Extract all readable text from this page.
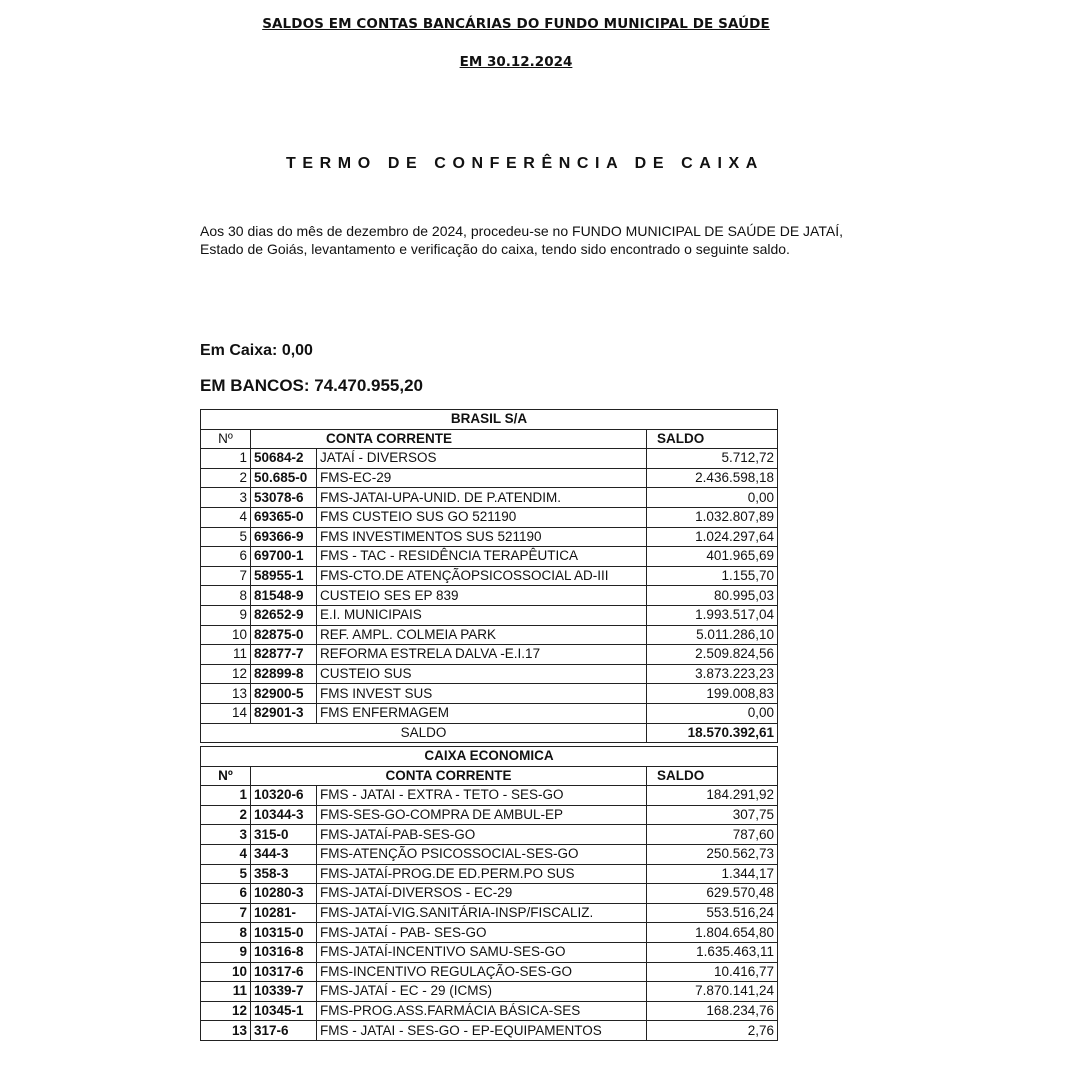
SALDOS EM CONTAS BANCÁRIAS DO FUNDO MUNICIPAL DE SAÚDE
EM 30.12.2024
TERMO DE CONFERÊNCIA DE CAIXA
Aos 30 dias do mês de dezembro de 2024, procedeu-se no FUNDO MUNICIPAL DE SAÚDE DE JATAÍ, Estado de Goiás, levantamento e verificação do caixa, tendo sido encontrado o seguinte saldo.
Em Caixa: 0,00
EM BANCOS: 74.470.955,20
BRASIL S/A			
Nº	CONTA CORRENTE		SALDO
1	50684-2	JATAÍ - DIVERSOS	5.712,72
2	50.685-0	FMS-EC-29	2.436.598,18
3	53078-6	FMS-JATAI-UPA-UNID. DE P.ATENDIM.	0,00
4	69365-0	FMS CUSTEIO SUS GO 521190	1.032.807,89
5	69366-9	FMS INVESTIMENTOS SUS 521190	1.024.297,64
6	69700-1	FMS - TAC - RESIDÊNCIA TERAPÊUTICA	401.965,69
7	58955-1	FMS-CTO.DE ATENÇÃOPSICOSSOCIAL AD-III	1.155,70
8	81548-9	CUSTEIO SES EP 839	80.995,03
9	82652-9	E.I. MUNICIPAIS	1.993.517,04
10	82875-0	REF. AMPL. COLMEIA PARK	5.011.286,10
11	82877-7	REFORMA ESTRELA DALVA -E.I.17	2.509.824,56
12	82899-8	CUSTEIO SUS	3.873.223,23
13	82900-5	FMS INVEST SUS	199.008,83
14	82901-3	FMS ENFERMAGEM	0,00
SALDO			18.570.392,61
CAIXA ECONOMICA			
Nº	CONTA CORRENTE		SALDO
1	10320-6	FMS - JATAI - EXTRA - TETO - SES-GO	184.291,92
2	10344-3	FMS-SES-GO-COMPRA DE AMBUL-EP	307,75
3	315-0	FMS-JATAÍ-PAB-SES-GO	787,60
4	344-3	FMS-ATENÇÃO PSICOSSOCIAL-SES-GO	250.562,73
5	358-3	FMS-JATAÍ-PROG.DE ED.PERM.PO SUS	1.344,17
6	10280-3	FMS-JATAÍ-DIVERSOS - EC-29	629.570,48
7	10281-	FMS-JATAÍ-VIG.SANITÁRIA-INSP/FISCALIZ.	553.516,24
8	10315-0	FMS-JATAÍ - PAB- SES-GO	1.804.654,80
9	10316-8	FMS-JATAÍ-INCENTIVO SAMU-SES-GO	1.635.463,11
10	10317-6	FMS-INCENTIVO REGULAÇÃO-SES-GO	10.416,77
11	10339-7	FMS-JATAÍ - EC - 29 (ICMS)	7.870.141,24
12	10345-1	FMS-PROG.ASS.FARMÁCIA BÁSICA-SES	168.234,76
13	317-6	FMS - JATAI - SES-GO - EP-EQUIPAMENTOS	2,76
